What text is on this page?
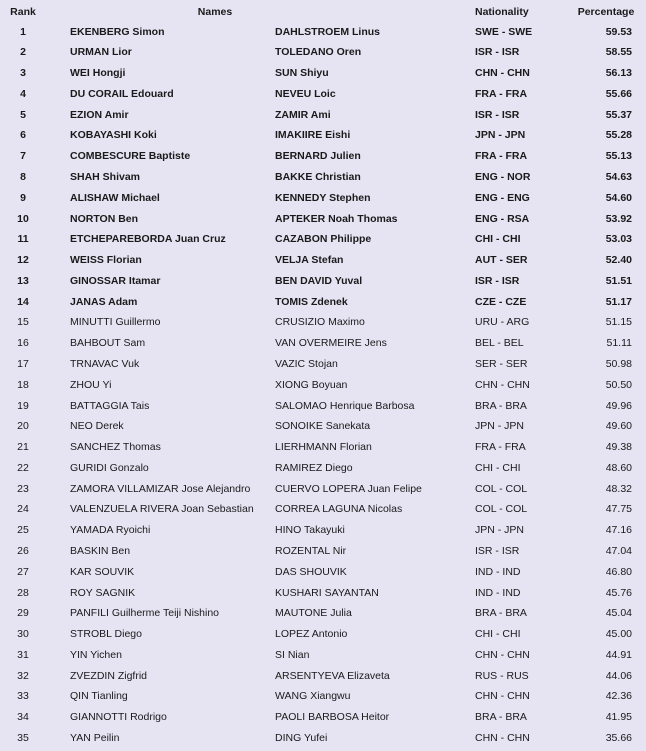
Rank	Names	Nationality	Percentage
1	EKENBERG Simon	DAHLSTROEM Linus	SWE - SWE	59.53
2	URMAN Lior	TOLEDANO Oren	ISR - ISR	58.55
3	WEI Hongji	SUN Shiyu	CHN - CHN	56.13
4	DU CORAIL Edouard	NEVEU Loic	FRA - FRA	55.66
5	EZION Amir	ZAMIR Ami	ISR - ISR	55.37
6	KOBAYASHI Koki	IMAKIIRE Eishi	JPN - JPN	55.28
7	COMBESCURE Baptiste	BERNARD Julien	FRA - FRA	55.13
8	SHAH Shivam	BAKKE Christian	ENG - NOR	54.63
9	ALISHAW Michael	KENNEDY Stephen	ENG - ENG	54.60
10	NORTON Ben	APTEKER Noah Thomas	ENG - RSA	53.92
11	ETCHEPAREBORDA Juan Cruz	CAZABON Philippe	CHI - CHI	53.03
12	WEISS Florian	VELJA Stefan	AUT - SER	52.40
13	GINOSSAR Itamar	BEN DAVID Yuval	ISR - ISR	51.51
14	JANAS Adam	TOMIS Zdenek	CZE - CZE	51.17
15	MINUTTI Guillermo	CRUSIZIO Maximo	URU - ARG	51.15
16	BAHBOUT Sam	VAN OVERMEIRE Jens	BEL - BEL	51.11
17	TRNAVAC Vuk	VAZIC Stojan	SER - SER	50.98
18	ZHOU Yi	XIONG Boyuan	CHN - CHN	50.50
19	BATTAGGIA Tais	SALOMAO Henrique Barbosa	BRA - BRA	49.96
20	NEO Derek	SONOIKE Sanekata	JPN - JPN	49.60
21	SANCHEZ Thomas	LIERHMANN Florian	FRA - FRA	49.38
22	GURIDI Gonzalo	RAMIREZ Diego	CHI - CHI	48.60
23	ZAMORA VILLAMIZAR Jose Alejandro	CUERVO LOPERA Juan Felipe	COL - COL	48.32
24	VALENZUELA RIVERA Joan Sebastian	CORREA LAGUNA Nicolas	COL - COL	47.75
25	YAMADA Ryoichi	HINO Takayuki	JPN - JPN	47.16
26	BASKIN Ben	ROZENTAL Nir	ISR - ISR	47.04
27	KAR SOUVIK	DAS SHOUVIK	IND - IND	46.80
28	ROY SAGNIK	KUSHARI SAYANTAN	IND - IND	45.76
29	PANFILI Guilherme Teiji Nishino	MAUTONE Julia	BRA - BRA	45.04
30	STROBL Diego	LOPEZ Antonio	CHI - CHI	45.00
31	YIN Yichen	SI Nian	CHN - CHN	44.91
32	ZVEZDIN Zigfrid	ARSENTYEVA Elizaveta	RUS - RUS	44.06
33	QIN Tianling	WANG Xiangwu	CHN - CHN	42.36
34	GIANNOTTI Rodrigo	PAOLI BARBOSA Heitor	BRA - BRA	41.95
35	YAN Peilin	DING Yufei	CHN - CHN	35.66
